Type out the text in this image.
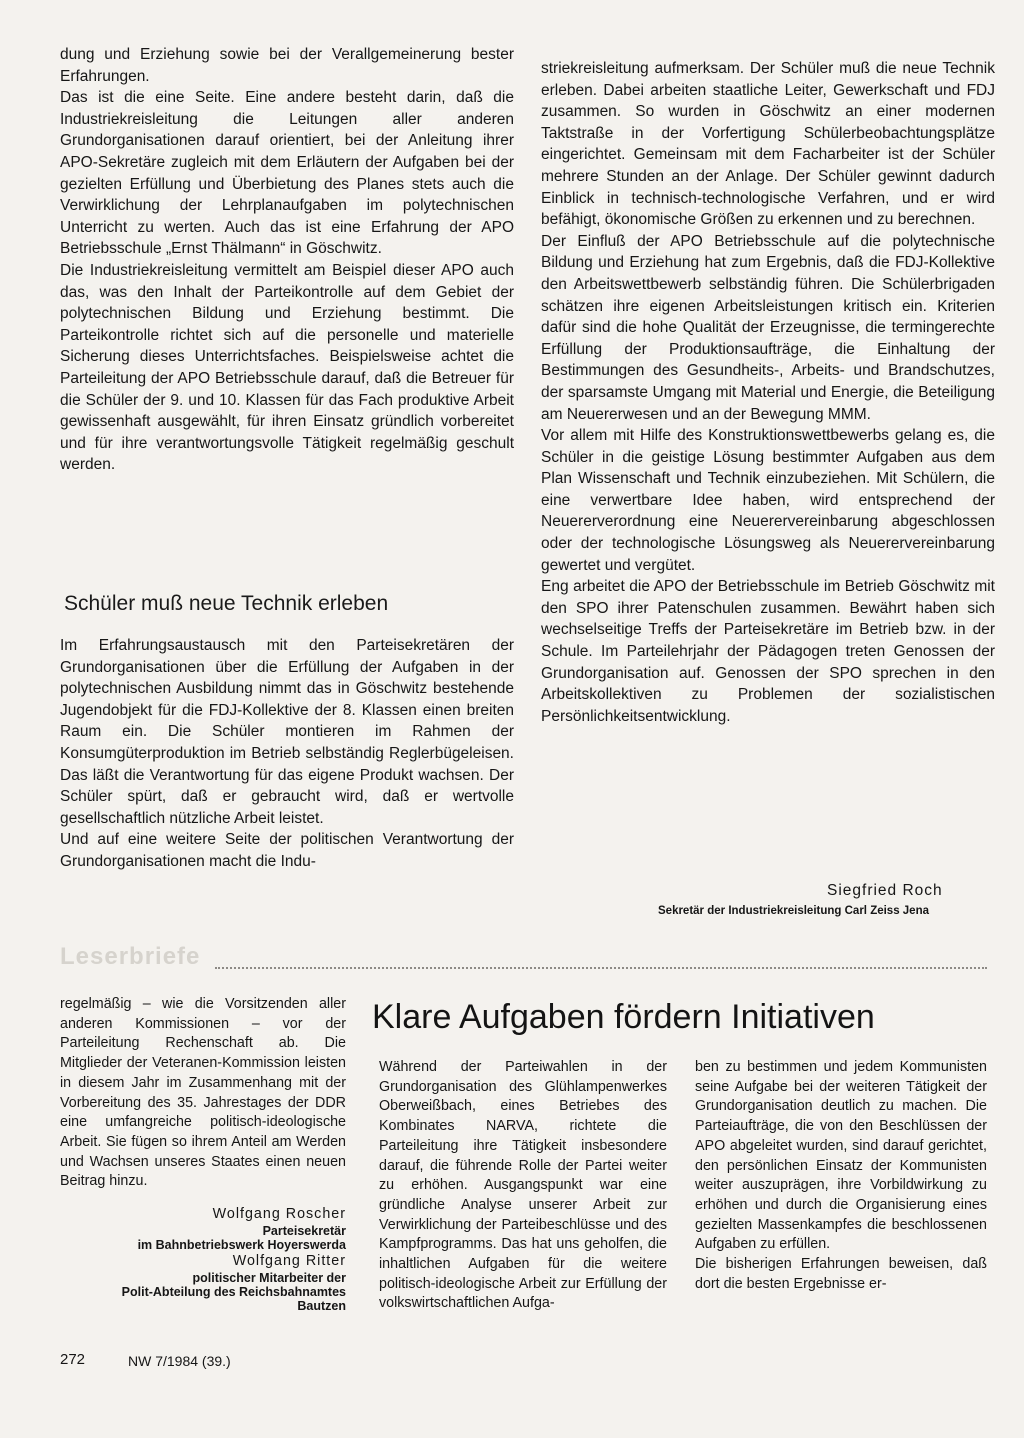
dung und Erziehung sowie bei der Verallgemeinerung bester Erfahrungen.

Das ist die eine Seite. Eine andere besteht darin, daß die Industriekreisleitung die Leitungen aller anderen Grundorganisationen darauf orientiert, bei der Anleitung ihrer APO-Sekretäre zugleich mit dem Erläutern der Aufgaben bei der gezielten Erfüllung und Überbietung des Planes stets auch die Verwirklichung der Lehrplanaufgaben im polytechnischen Unterricht zu werten. Auch das ist eine Erfahrung der APO Betriebsschule „Ernst Thälmann“ in Göschwitz.

Die Industriekreisleitung vermittelt am Beispiel dieser APO auch das, was den Inhalt der Parteikontrolle auf dem Gebiet der polytechnischen Bildung und Erziehung bestimmt. Die Parteikontrolle richtet sich auf die personelle und materielle Sicherung dieses Unterrichtsfaches. Beispielsweise achtet die Parteileitung der APO Betriebsschule darauf, daß die Betreuer für die Schüler der 9. und 10. Klassen für das Fach produktive Arbeit gewissenhaft ausgewählt, für ihren Einsatz gründlich vorbereitet und für ihre verantwortungsvolle Tätigkeit regelmäßig geschult werden.

Schüler muß neue Technik erleben

Im Erfahrungsaustausch mit den Parteisekretären der Grundorganisationen über die Erfüllung der Aufgaben in der polytechnischen Ausbildung nimmt das in Göschwitz bestehende Jugendobjekt für die FDJ-Kollektive der 8. Klassen einen breiten Raum ein. Die Schüler montieren im Rahmen der Konsumgüterproduktion im Betrieb selbständig Reglerbügeleisen. Das läßt die Verantwortung für das eigene Produkt wachsen. Der Schüler spürt, daß er gebraucht wird, daß er wertvolle gesellschaftlich nützliche Arbeit leistet.

Und auf eine weitere Seite der politischen Verantwortung der Grundorganisationen macht die Indu-

striekreisleitung aufmerksam. Der Schüler muß die neue Technik erleben. Dabei arbeiten staatliche Leiter, Gewerkschaft und FDJ zusammen. So wurden in Göschwitz an einer modernen Taktstraße in der Vorfertigung Schülerbeobachtungsplätze eingerichtet. Gemeinsam mit dem Facharbeiter ist der Schüler mehrere Stunden an der Anlage. Der Schüler gewinnt dadurch Einblick in technisch-technologische Verfahren, und er wird befähigt, ökonomische Größen zu erkennen und zu berechnen.

Der Einfluß der APO Betriebsschule auf die polytechnische Bildung und Erziehung hat zum Ergebnis, daß die FDJ-Kollektive den Arbeitswettbewerb selbständig führen. Die Schülerbrigaden schätzen ihre eigenen Arbeitsleistungen kritisch ein. Kriterien dafür sind die hohe Qualität der Erzeugnisse, die termingerechte Erfüllung der Produktionsaufträge, die Einhaltung der Bestimmungen des Gesundheits-, Arbeits- und Brandschutzes, der sparsamste Umgang mit Material und Energie, die Beteiligung am Neuererwesen und an der Bewegung MMM.

Vor allem mit Hilfe des Konstruktionswettbewerbs gelang es, die Schüler in die geistige Lösung bestimmter Aufgaben aus dem Plan Wissenschaft und Technik einzubeziehen. Mit Schülern, die eine verwertbare Idee haben, wird entsprechend der Neuererverordnung eine Neuerervereinbarung abgeschlossen oder der technologische Lösungsweg als Neuerervereinbarung gewertet und vergütet.

Eng arbeitet die APO der Betriebsschule im Betrieb Göschwitz mit den SPO ihrer Patenschulen zusammen. Bewährt haben sich wechselseitige Treffs der Parteisekretäre im Betrieb bzw. in der Schule. Im Parteilehrjahr der Pädagogen treten Genossen der Grundorganisation auf. Genossen der SPO sprechen in den Arbeitskollektiven zu Problemen der sozialistischen Persönlichkeitsentwicklung.

Siegfried Roch
Sekretär der Industriekreisleitung Carl Zeiss Jena
Leserbriefe

regelmäßig – wie die Vorsitzenden aller anderen Kommissionen – vor der Parteileitung Rechenschaft ab. Die Mitglieder der Veteranen-Kommission leisten in diesem Jahr im Zusammenhang mit der Vorbereitung des 35. Jahrestages der DDR eine umfangreiche politisch-ideologische Arbeit. Sie fügen so ihrem Anteil am Werden und Wachsen unseres Staates einen neuen Beitrag hinzu.

Wolfgang Roscher
Parteisekretär
im Bahnbetriebswerk Hoyerswerda
Wolfgang Ritter
politischer Mitarbeiter der
Polit-Abteilung des Reichsbahnamtes
Bautzen
Klare Aufgaben fördern Initiativen

Während der Parteiwahlen in der Grundorganisation des Glühlampenwerkes Oberweißbach, eines Betriebes des Kombinates NARVA, richtete die Parteileitung ihre Tätigkeit insbesondere darauf, die führende Rolle der Partei weiter zu erhöhen. Ausgangspunkt war eine gründliche Analyse unserer Arbeit zur Verwirklichung der Parteibeschlüsse und des Kampfprogramms. Das hat uns geholfen, die inhaltlichen Aufgaben für die weitere politisch-ideologische Arbeit zur Erfüllung der volkswirtschaftlichen Aufga-

ben zu bestimmen und jedem Kommunisten seine Aufgabe bei der weiteren Tätigkeit der Grundorganisation deutlich zu machen. Die Parteiaufträge, die von den Beschlüssen der APO abgeleitet wurden, sind darauf gerichtet, den persönlichen Einsatz der Kommunisten weiter auszuprägen, ihre Vorbildwirkung zu erhöhen und durch die Organisierung eines gezielten Massenkampfes die beschlossenen Aufgaben zu erfüllen.

Die bisherigen Erfahrungen beweisen, daß dort die besten Ergebnisse er-

272	NW 7/1984 (39.)
